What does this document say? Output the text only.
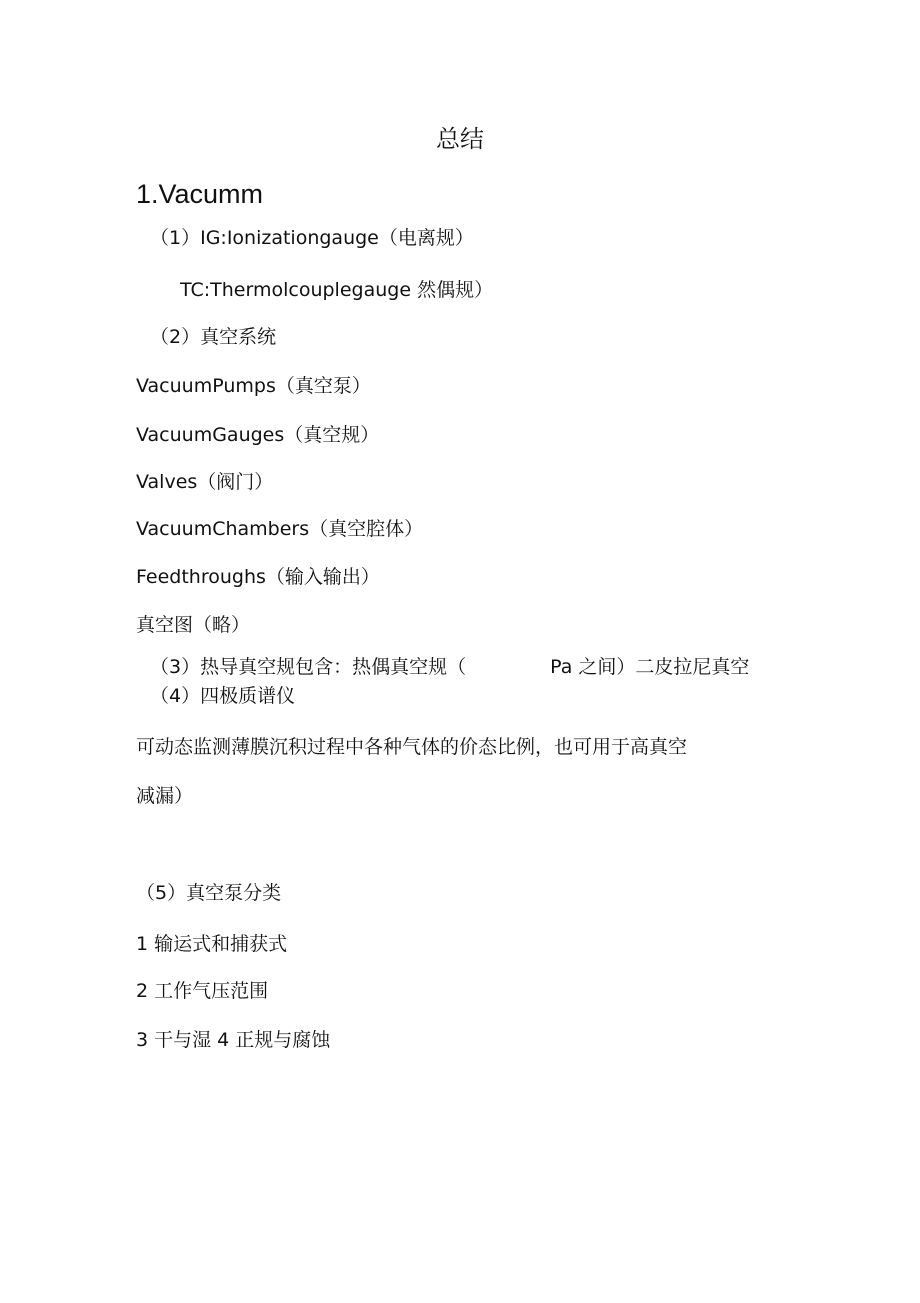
总结
1.Vacumm
（1）IG:Ionizationgauge（电离规）
TC:Thermolcouplegauge 然偶规）
（2）真空系统
VacuumPumps（真空泵）
VacuumGauges（真空规）
Valves（阀门）
VacuumChambers（真空腔体）
Feedthroughs（输入输出）
真空图（略）
（3）热导真空规包含：热偶真空规（	Pa 之间）二皮拉尼真空
（4）四极质谱仪
可动态监测薄膜沉积过程中各种气体的价态比例，也可用于高真空
减漏）
（5）真空泵分类
1 输运式和捕获式
2 工作气压范围
3 干与湿 4 正规与腐蚀
